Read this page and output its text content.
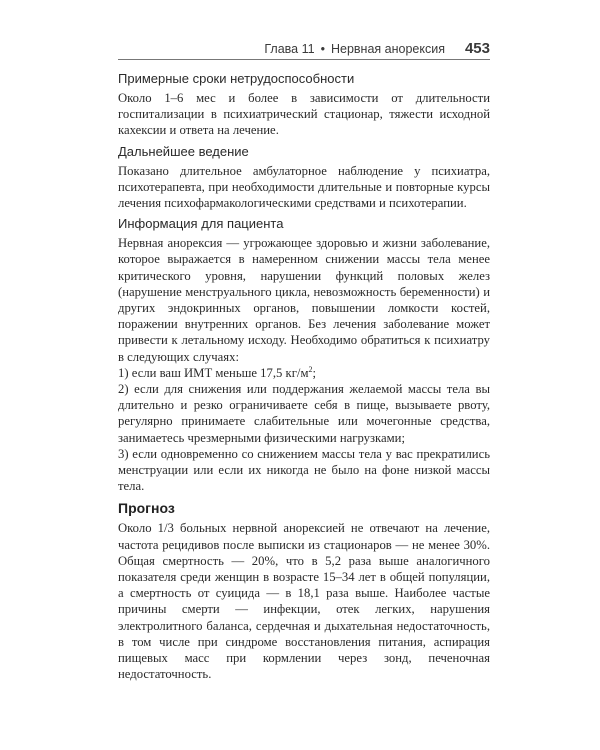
Глава 11 • Нервная анорексия 453
Примерные сроки нетрудоспособности

Около 1–6 мес и более в зависимости от длительности госпитализации в психиатрический стационар, тяжести исходной кахексии и ответа на лечение.

Дальнейшее ведение

Показано длительное амбулаторное наблюдение у психиатра, психотерапевта, при необходимости длительные и повторные курсы лечения психофармакологическими средствами и психотерапии.

Информация для пациента

Нервная анорексия — угрожающее здоровью и жизни заболевание, которое выражается в намеренном снижении массы тела менее критического уровня, нарушении функций половых желез (нарушение менструального цикла, невозможность беременности) и других эндокринных органов, повышении ломкости костей, поражении внутренних органов. Без лечения заболевание может привести к летальному исходу. Необходимо обратиться к психиатру в следующих случаях:

1) если ваш ИМТ меньше 17,5 $кг/м^2$;

2) если для снижения или поддержания желаемой массы тела вы длительно и резко ограничиваете себя в пище, вызываете рвоту, регулярно принимаете слабительные или мочегонные средства, занимаетесь чрезмерными физическими нагрузками;

3) если одновременно со снижением массы тела у вас прекратились менструации или если их никогда не было на фоне низкой массы тела.

Прогноз

Около 1/3 больных нервной анорексией не отвечают на лечение, частота рецидивов после выписки из стационаров — не менее 30%. Общая смертность — 20%, что в 5,2 раза выше аналогичного показателя среди женщин в возрасте 15–34 лет в общей популяции, а смертность от суицида — в 18,1 раза выше. Наиболее частые причины смерти — инфекции, отек легких, нарушения электролитного баланса, сердечная и дыхательная недостаточность, в том числе при синдроме восстановления питания, аспирация пищевых масс при кормлении через зонд, печеночная недостаточность.
